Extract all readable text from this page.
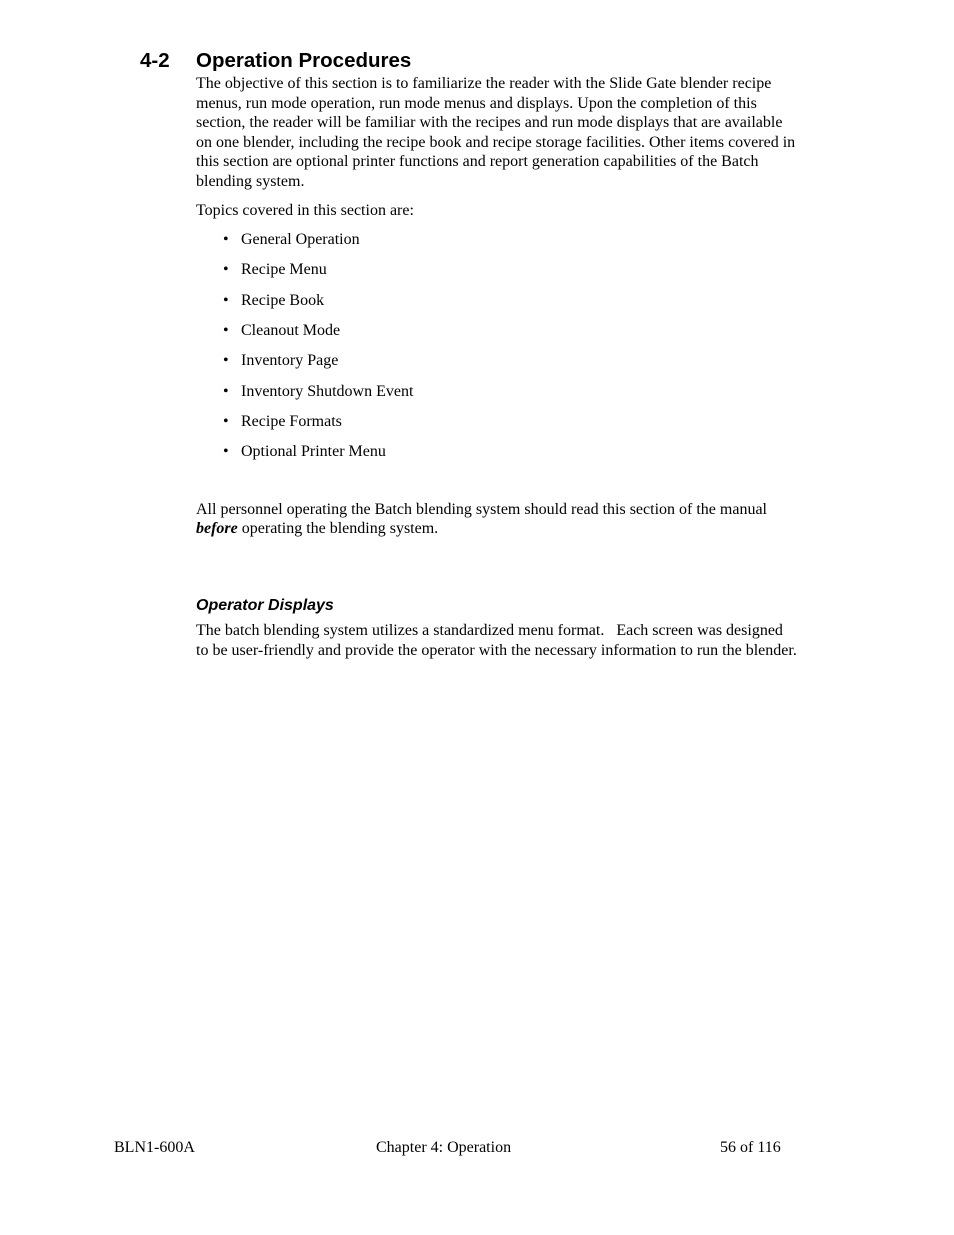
4-2 Operation Procedures

The objective of this section is to familiarize the reader with the Slide Gate blender recipe
menus, run mode operation, run mode menus and displays. Upon the completion of this
section, the reader will be familiar with the recipes and run mode displays that are available
on one blender, including the recipe book and recipe storage facilities. Other items covered in
this section are optional printer functions and report generation capabilities of the Batch
blending system.

Topics covered in this section are:

• General Operation
• Recipe Menu
• Recipe Book
• Cleanout Mode
• Inventory Page
• Inventory Shutdown Event
• Recipe Formats
• Optional Printer Menu

All personnel operating the Batch blending system should read this section of the manual
before operating the blending system.

Operator Displays

The batch blending system utilizes a standardized menu format.   Each screen was designed
to be user-friendly and provide the operator with the necessary information to run the blender.

BLN1-600A	Chapter 4: Operation	56 of 116
